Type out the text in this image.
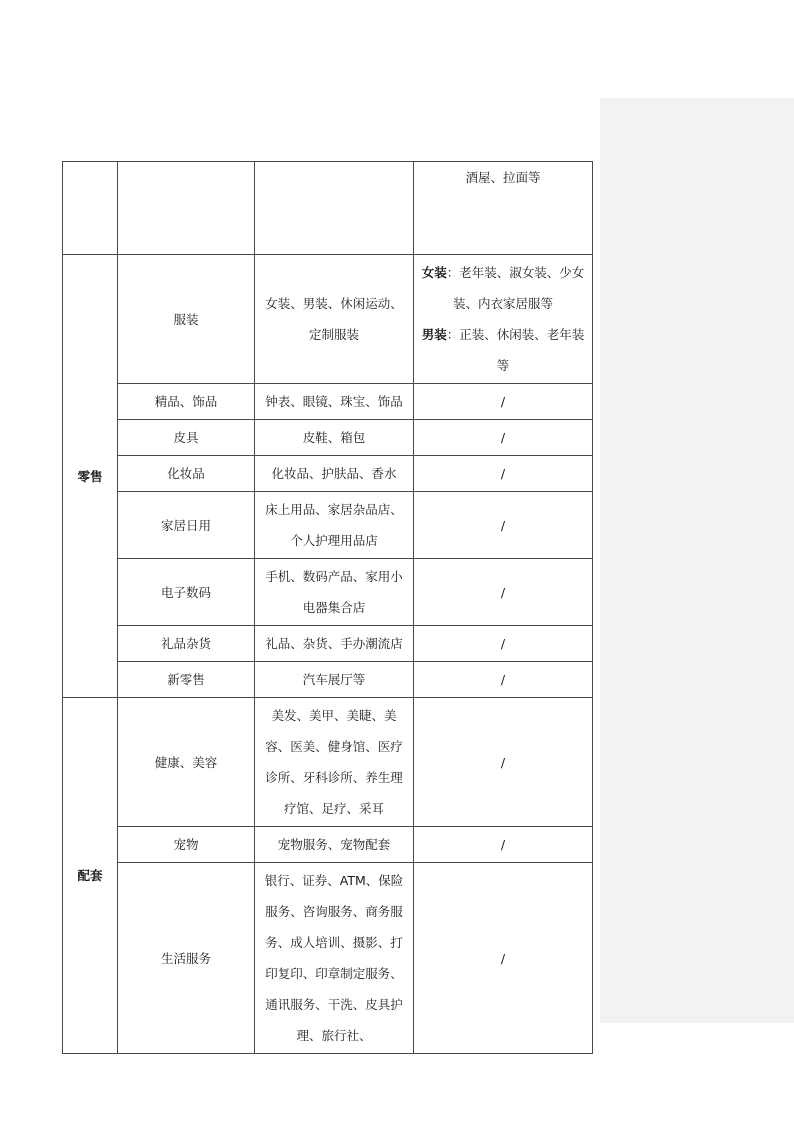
			酒屋、拉面等
零售	服装	女装、男装、休闲运动、定制服装	女装：老年装、淑女装、少女装、内衣家居服等
男装：正装、休闲装、老年装等

	精品、饰品	钟表、眼镜、珠宝、饰品	/
	皮具	皮鞋、箱包	/
	化妆品	化妆品、护肤品、香水	/
	家居日用	床上用品、家居杂品店、个人护理用品店	/
	电子数码	手机、数码产品、家用小电器集合店	/
	礼品杂货	礼品、杂货、手办潮流店	/
	新零售	汽车展厅等	/
配套	健康、美容	美发、美甲、美睫、美容、医美、健身馆、医疗诊所、牙科诊所、养生理疗馆、足疗、采耳	/
	宠物	宠物服务、宠物配套	/
	生活服务	银行、证券、ATM、保险服务、咨询服务、商务服务、成人培训、摄影、打印复印、印章制定服务、通讯服务、干洗、皮具护理、旅行社、	/
